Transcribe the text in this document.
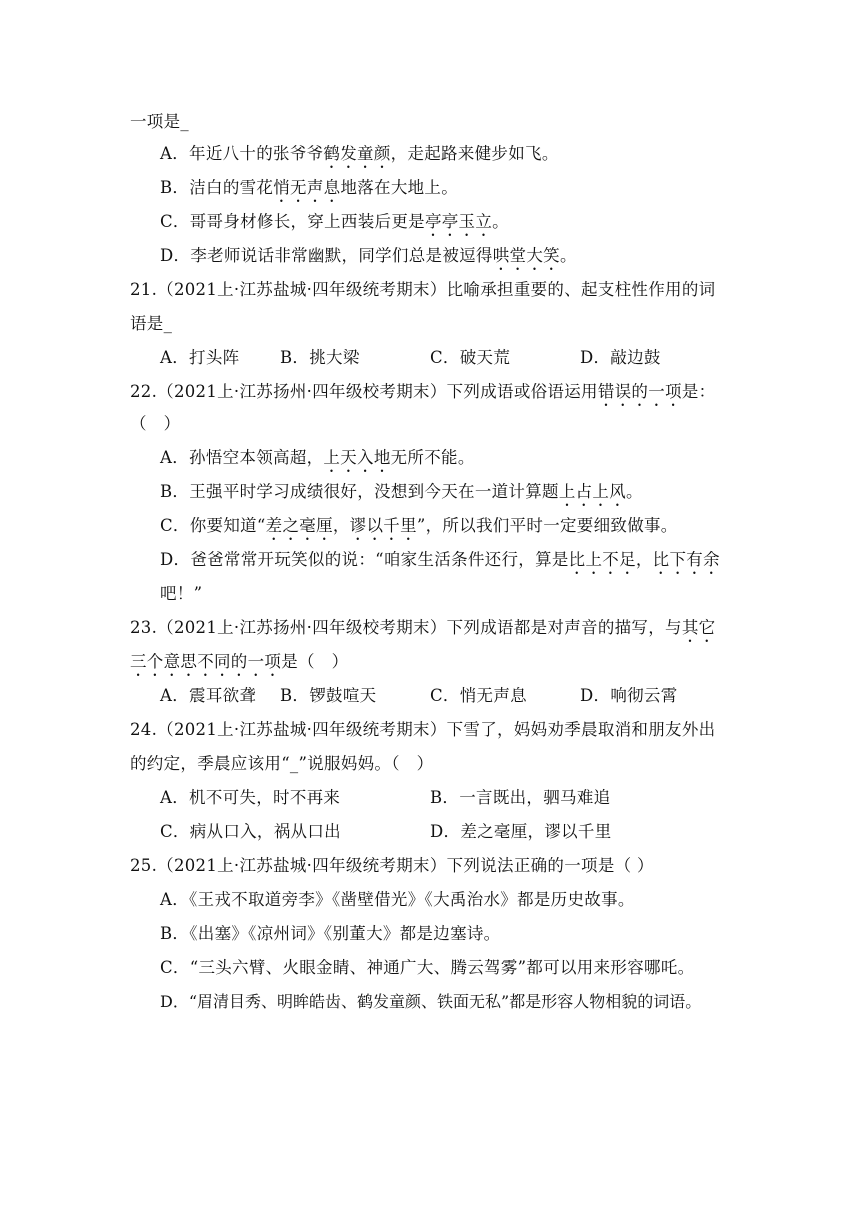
一项是_
A．年近八十的张爷爷鹤发童颜，走起路来健步如飞。
B．洁白的雪花悄无声息地落在大地上。
C．哥哥身材修长，穿上西装后更是亭亭玉立。
D．李老师说话非常幽默，同学们总是被逗得哄堂大笑。
21.（2021上·江苏盐城·四年级统考期末）比喻承担重要的、起支柱性作用的词
语是_
A．打头阵	B．挑大梁	C．破天荒	D．敲边鼓
22.（2021上·江苏扬州·四年级校考期末）下列成语或俗语运用错误的一项是：
（　）
A．孙悟空本领高超，上天入地无所不能。
B．王强平时学习成绩很好，没想到今天在一道计算题上占上风。
C．你要知道“差之毫厘，谬以千里”，所以我们平时一定要细致做事。
D．爸爸常常开玩笑似的说：“咱家生活条件还行，算是比上不足，比下有余
吧！”
23.（2021上·江苏扬州·四年级校考期末）下列成语都是对声音的描写，与其它
三个意思不同的一项是（　）
A．震耳欲聋	B．锣鼓喧天	C．悄无声息	D．响彻云霄
24.（2021上·江苏盐城·四年级统考期末）下雪了，妈妈劝季晨取消和朋友外出
的约定，季晨应该用“_”说服妈妈。（　）
A．机不可失，时不再来	B．一言既出，驷马难追
C．病从口入，祸从口出	D．差之毫厘，谬以千里
25.（2021上·江苏盐城·四年级统考期末）下列说法正确的一项是（ ）
A．《王戎不取道旁李》《凿壁借光》《大禹治水》都是历史故事。
B．《出塞》《凉州词》《别董大》都是边塞诗。
C．“三头六臂、火眼金睛、神通广大、腾云驾雾”都可以用来形容哪吒。
D．“眉清目秀、明眸皓齿、鹤发童颜、铁面无私”都是形容人物相貌的词语。
